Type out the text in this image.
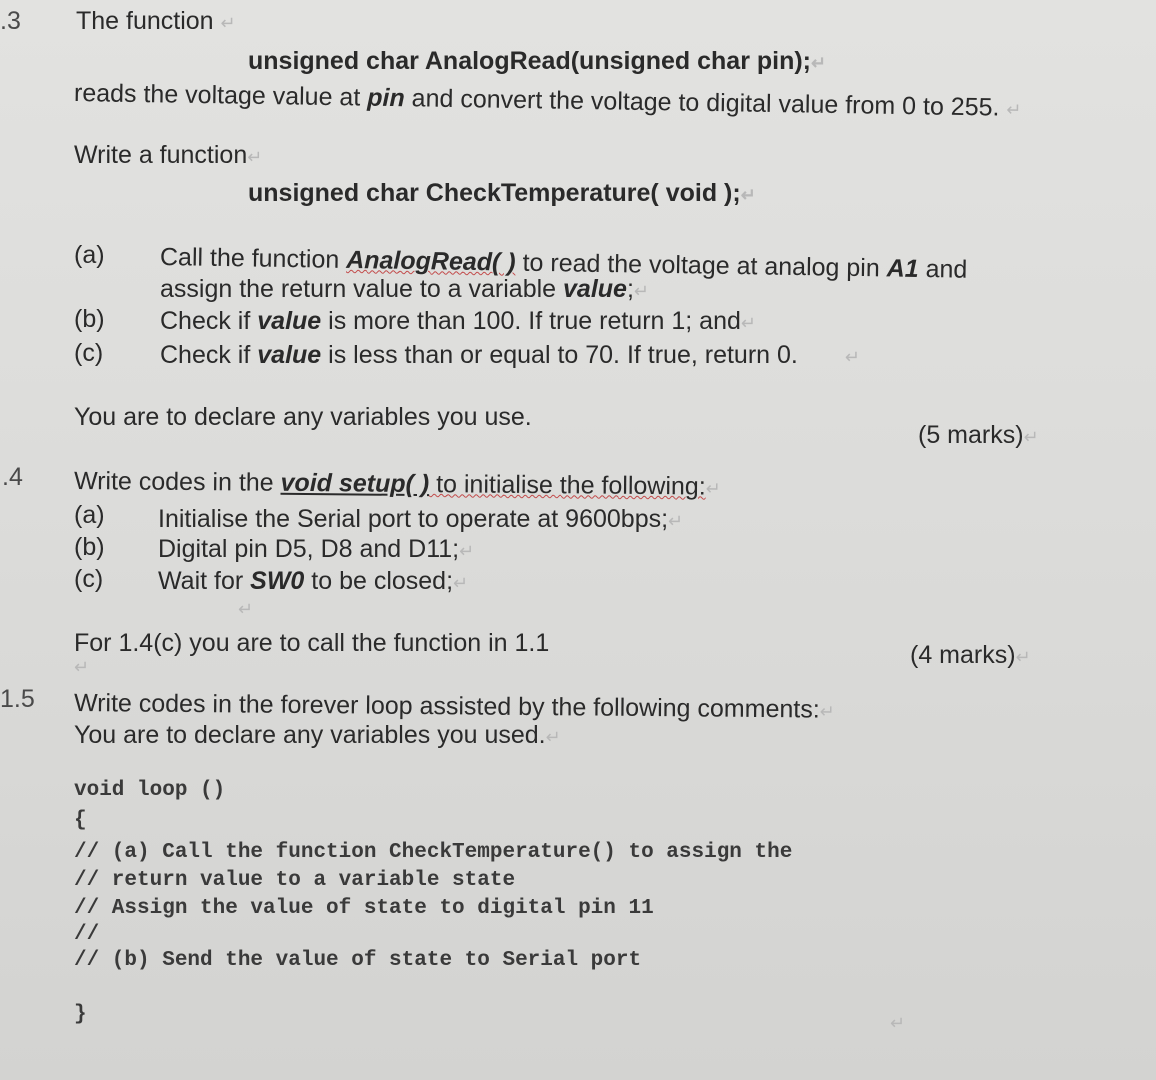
.3
.4
1.5
The function ↵
unsigned char AnalogRead(unsigned char pin);↵
reads the voltage value at pin and convert the voltage to digital value from 0 to 255. ↵
Write a function↵
unsigned char CheckTemperature( void );↵
(a) Call the function AnalogRead( ) to read the voltage at analog pin A1 and
assign the return value to a variable value;↵
(b) Check if value is more than 100. If true return 1; and↵
(c) Check if value is less than or equal to 70. If true, return 0.	↵
You are to declare any variables you use.
(5 marks)↵
Write codes in the void setup( ) to initialise the following:↵
(a) Initialise the Serial port to operate at 9600bps;↵
(b) Digital pin D5, D8 and D11;↵
(c) Wait for SW0 to be closed;↵
↵
For 1.4(c) you are to call the function in 1.1
↵	(4 marks)↵
Write codes in the forever loop assisted by the following comments:↵
You are to declare any variables you used.↵
void loop ()
{
// (a) Call the function CheckTemperature() to assign the
// return value to a variable state
// Assign the value of state to digital pin 11
//
// (b) Send the value of state to Serial port
}	↵
